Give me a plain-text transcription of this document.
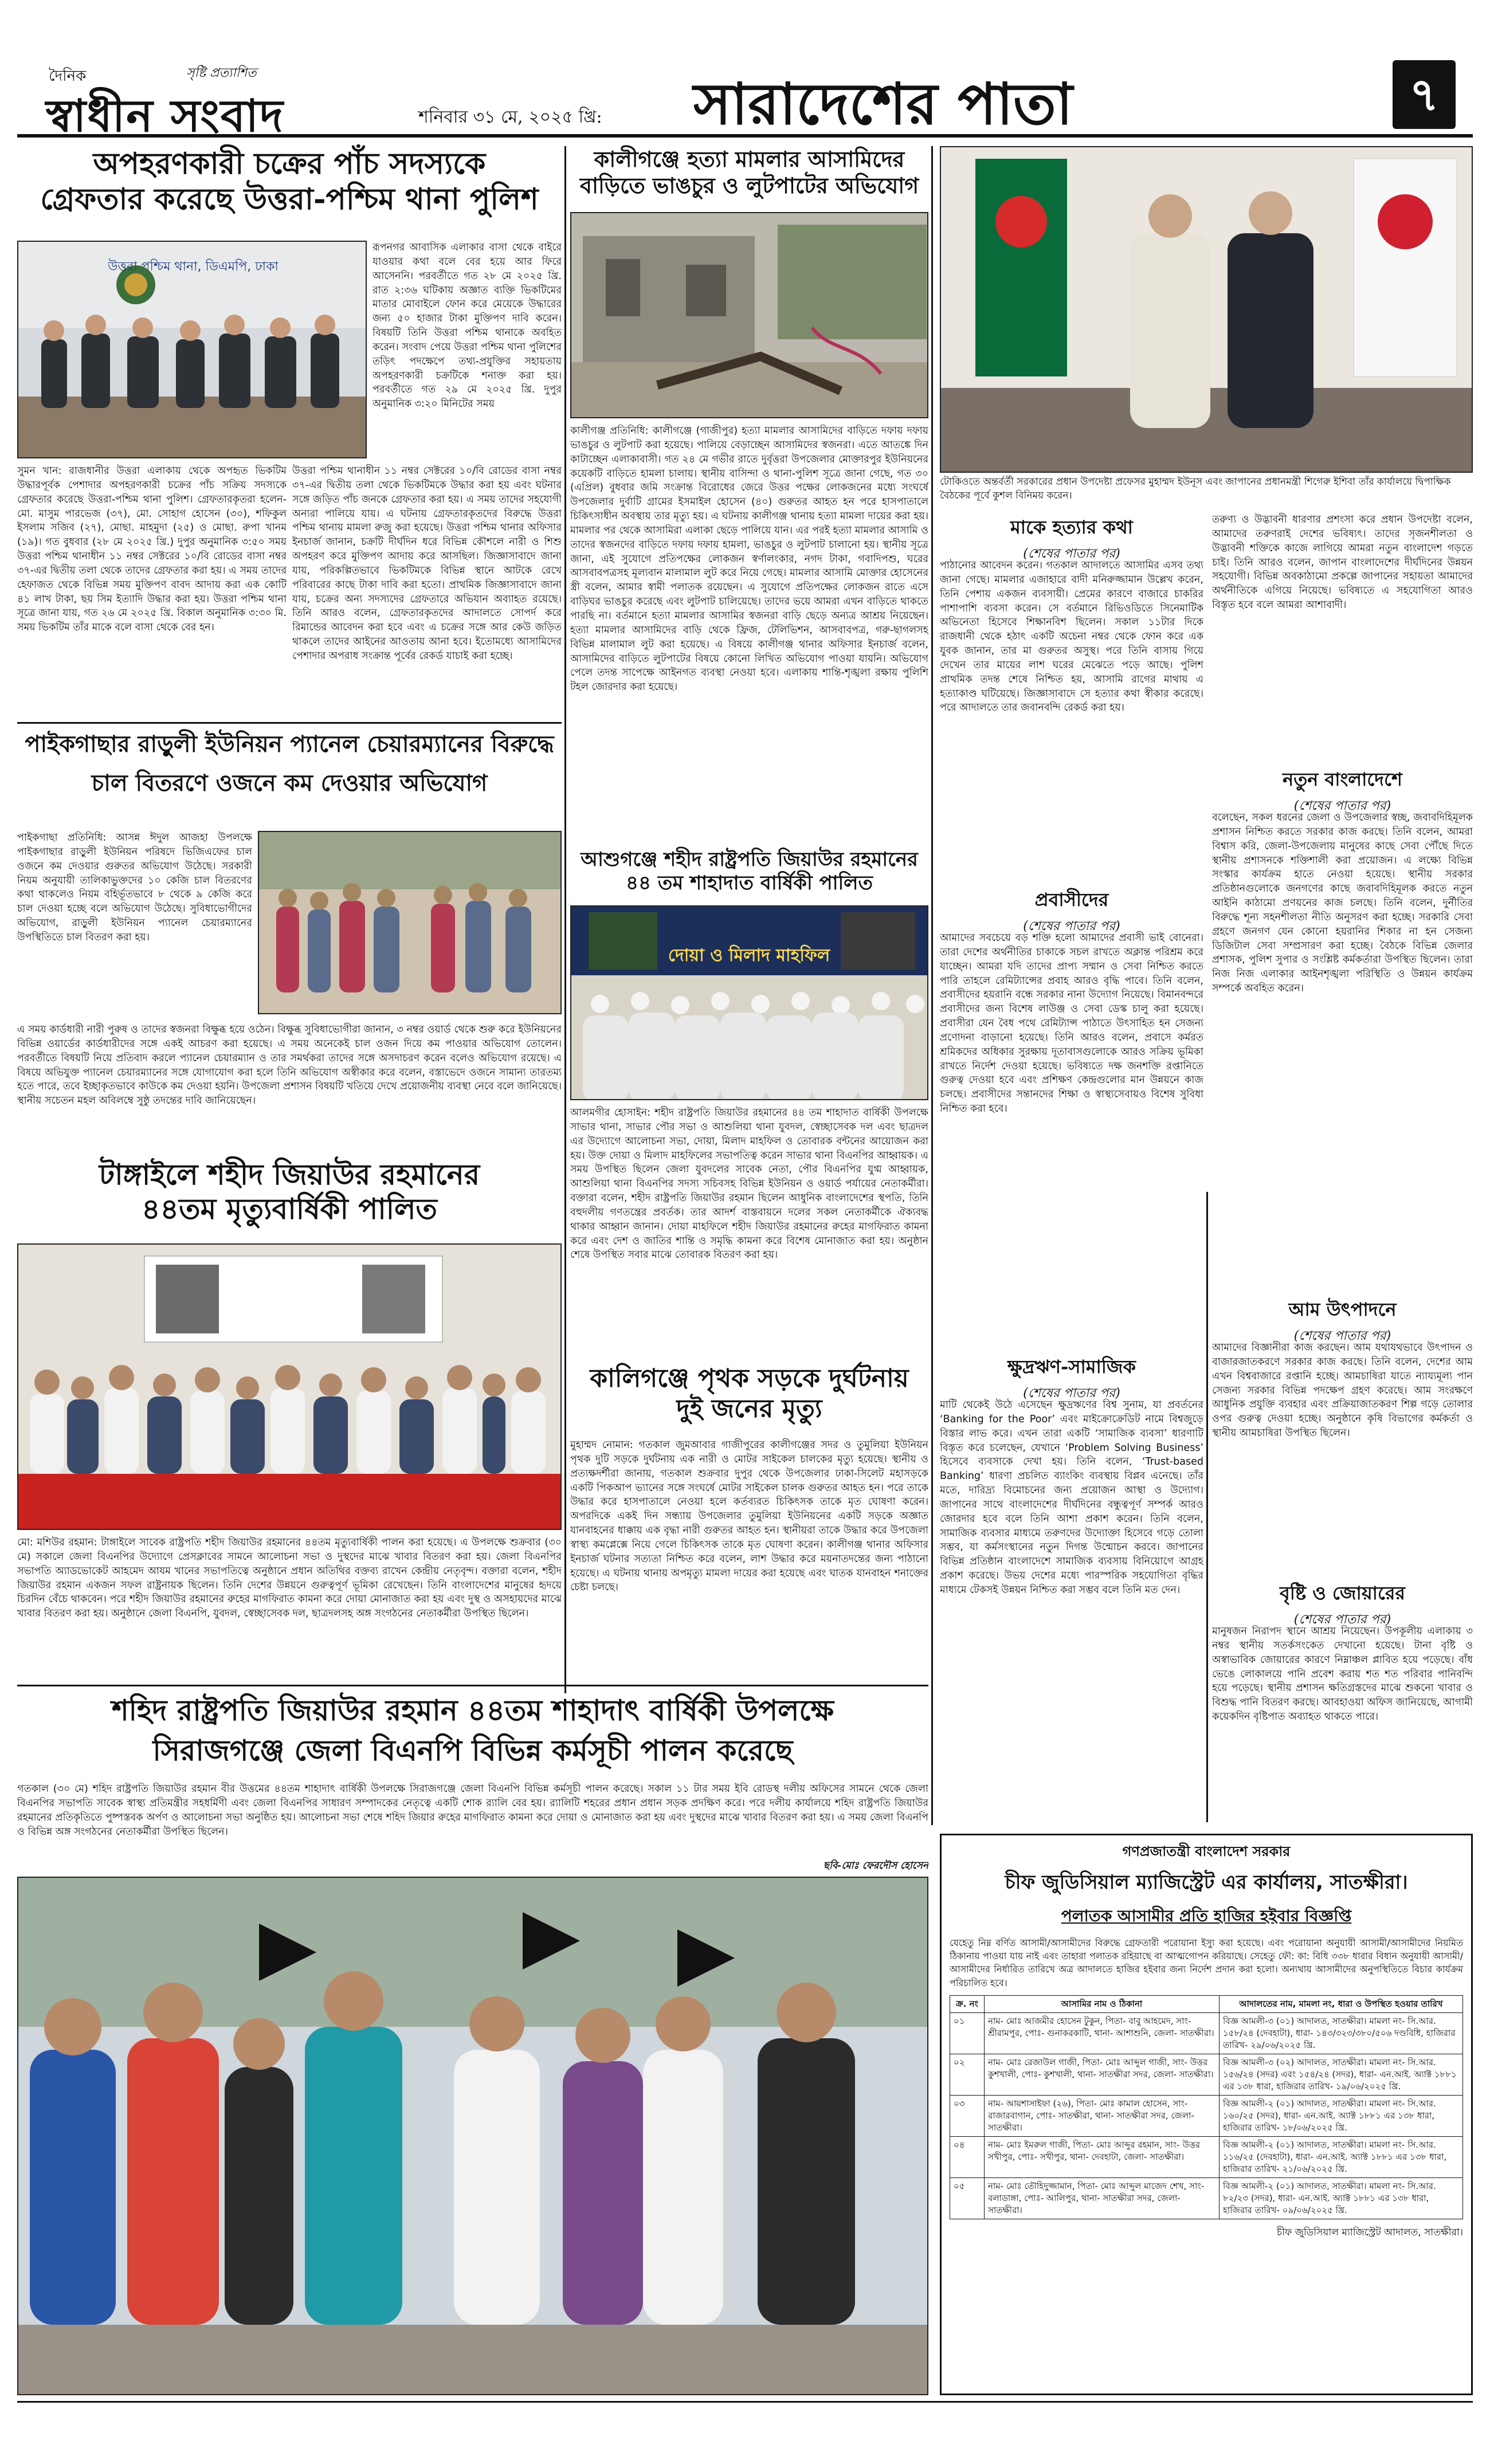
দৈনিক	সৃষ্টি প্রত্যাশিত
স্বাধীন সংবাদ	শনিবার ৩১ মে, ২০২৫ খ্রি: সারাদেশের পাতা	৭
অপহরণকারী চক্রের পাঁচ সদস্যকে
গ্রেফতার করেছে উত্তরা-পশ্চিম থানা পুলিশ
উত্তরা পশ্চিম থানা, ডিএমপি, ঢাকা
রূপনগর আবাসিক এলাকার বাসা থেকে বাইরে যাওয়ার কথা বলে বের হয়ে আর ফিরে আসেননি। পরবর্তীতে গত ২৮ মে ২০২৫ খ্রি. রাত ২:৩৬ ঘটিকায় অজ্ঞাত ব্যক্তি ভিকটিমের মাতার মোবাইলে ফোন করে মেয়েকে উদ্ধারের জন্য ৫০ হাজার টাকা মুক্তিপণ দাবি করেন। বিষয়টি তিনি উত্তরা পশ্চিম থানাকে অবহিত করেন। সংবাদ পেয়ে উত্তরা পশ্চিম থানা পুলিশের তড়িৎ পদক্ষেপে তথ্য-প্রযুক্তির সহায়তায় অপহরণকারী চক্রটিকে শনাক্ত করা হয়। পরবর্তীতে গত ২৯ মে ২০২৫ খ্রি. দুপুর অনুমানিক ৩:২০ মিনিটের সময়
সুমন খান: রাজধানীর উত্তরা এলাকায় থেকে অপহৃত ভিকটিম উদ্ধারপূর্বক পেশাদার অপহরণকারী চক্রের পাঁচ সক্রিয় সদস্যকে গ্রেফতার করেছে উত্তরা-পশ্চিম থানা পুলিশ। গ্রেফতারকৃতরা হলেন- মো. মাসুম পারভেজ (৩৭), মো. সোহাগ হোসেন (৩০), শফিকুল ইসলাম সজিব (২৭), মোছা. মাহমুদা (২৫) ও মোছা. রুপা খানম (১৯)। গত বুধবার (২৮ মে ২০২৫ খ্রি.) দুপুর অনুমানিক ৩:৫০ সময় উত্তরা পশ্চিম থানাধীন ১১ নম্বর সেক্টরের ১০/বি রোডের বাসা নম্বর ৩৭-এর দ্বিতীয় তলা থেকে তাদের গ্রেফতার করা হয়। এ সময় তাদের হেফাজত থেকে বিভিন্ন সময় মুক্তিপণ বাবদ আদায় করা এক কোটি ৪১ লাখ টাকা, ছয় সিম ইত্যাদি উদ্ধার করা হয়। উত্তরা পশ্চিম থানা সূত্রে জানা যায়, গত ২৬ মে ২০২৫ খ্রি. বিকাল অনুমানিক ৩:৩০ মি. সময় ভিকটিম তাঁর মাকে বলে বাসা থেকে বের হন।
উত্তরা পশ্চিম থানাধীন ১১ নম্বর সেক্টরের ১০/বি রোডের বাসা নম্বর ৩৭-এর দ্বিতীয় তলা থেকে ভিকটিমকে উদ্ধার করা হয় এবং ঘটনার সঙ্গে জড়িত পাঁচ জনকে গ্রেফতার করা হয়। এ সময় তাদের সহযোগী অন্যরা পালিয়ে যায়। এ ঘটনায় গ্রেফতারকৃতদের বিরুদ্ধে উত্তরা পশ্চিম থানায় মামলা রুজু করা হয়েছে। উত্তরা পশ্চিম থানার অফিসার ইনচার্জ জানান, চক্রটি দীর্ঘদিন ধরে বিভিন্ন কৌশলে নারী ও শিশু অপহরণ করে মুক্তিপণ আদায় করে আসছিল। জিজ্ঞাসাবাদে জানা যায়, পরিকল্পিতভাবে ভিকটিমকে বিভিন্ন স্থানে আটকে রেখে পরিবারের কাছে টাকা দাবি করা হতো। প্রাথমিক জিজ্ঞাসাবাদে জানা যায়, চক্রের অন্য সদস্যদের গ্রেফতারে অভিযান অব্যাহত রয়েছে। তিনি আরও বলেন, গ্রেফতারকৃতদের আদালতে সোপর্দ করে রিমান্ডের আবেদন করা হবে এবং এ চক্রের সঙ্গে আর কেউ জড়িত থাকলে তাদের আইনের আওতায় আনা হবে। ইতোমধ্যে আসামিদের পেশাদার অপরাধ সংক্রান্ত পূর্বের রেকর্ড যাচাই করা হচ্ছে।
পাইকগাছার রাড়ুলী ইউনিয়ন প্যানেল চেয়ারম্যানের বিরুদ্ধে
চাল বিতরণে ওজনে কম দেওয়ার অভিযোগ
পাইকগাছা প্রতিনিধি: আসন্ন ঈদুল আজহা উপলক্ষে পাইকগাছার রাড়ুলী ইউনিয়ন পরিষদে ভিজিএফের চাল ওজনে কম দেওয়ার গুরুতর অভিযোগ উঠেছে। সরকারী নিয়ম অনুযায়ী তালিকাভুক্তদের ১০ কেজি চাল বিতরণের কথা থাকলেও নিয়ম বহির্ভূতভাবে ৮ থেকে ৯ কেজি করে চাল দেওয়া হচ্ছে বলে অভিযোগ উঠেছে। সুবিধাভোগীদের অভিযোগ, রাড়ুলী ইউনিয়ন প্যানেল চেয়ারম্যানের উপস্থিতিতে চাল বিতরণ করা হয়।
এ সময় কার্ডধারী নারী পুরুষ ও তাদের স্বজনরা বিক্ষুব্ধ হয়ে ওঠেন। বিক্ষুব্ধ সুবিধাভোগীরা জানান, ৩ নম্বর ওয়ার্ড থেকে শুরু করে ইউনিয়নের বিভিন্ন ওয়ার্ডের কার্ডধারীদের সঙ্গে একই আচরণ করা হয়েছে। এ সময় অনেকেই চাল ওজন দিয়ে কম পাওয়ার অভিযোগ তোলেন। পরবর্তীতে বিষয়টি নিয়ে প্রতিবাদ করলে প্যানেল চেয়ারম্যান ও তার সমর্থকরা তাদের সঙ্গে অসদাচরণ করেন বলেও অভিযোগ রয়েছে। এ বিষয়ে অভিযুক্ত প্যানেল চেয়ারম্যানের সঙ্গে যোগাযোগ করা হলে তিনি অভিযোগ অস্বীকার করে বলেন, বস্তাভেদে ওজনে সামান্য তারতম্য হতে পারে, তবে ইচ্ছাকৃতভাবে কাউকে কম দেওয়া হয়নি। উপজেলা প্রশাসন বিষয়টি খতিয়ে দেখে প্রয়োজনীয় ব্যবস্থা নেবে বলে জানিয়েছে। স্থানীয় সচেতন মহল অবিলম্বে সুষ্ঠু তদন্তের দাবি জানিয়েছেন।
টাঙ্গাইলে শহীদ জিয়াউর রহমানের
৪৪তম মৃত্যুবার্ষিকী পালিত
মো: মশিউর রহমান: টাঙ্গাইলে সাবেক রাষ্ট্রপতি শহীদ জিয়াউর রহমানের ৪৪তম মৃত্যুবার্ষিকী পালন করা হয়েছে। এ উপলক্ষে শুক্রবার (৩০ মে) সকালে জেলা বিএনপির উদ্যোগে প্রেসক্লাবের সামনে আলোচনা সভা ও দুস্থদের মাঝে খাবার বিতরণ করা হয়। জেলা বিএনপির সভাপতি অ্যাডভোকেট আহমেদ আযম খানের সভাপতিত্বে অনুষ্ঠানে প্রধান অতিথির বক্তব্য রাখেন কেন্দ্রীয় নেতৃবৃন্দ। বক্তারা বলেন, শহীদ জিয়াউর রহমান একজন সফল রাষ্ট্রনায়ক ছিলেন। তিনি দেশের উন্নয়নে গুরুত্বপূর্ণ ভূমিকা রেখেছেন। তিনি বাংলাদেশের মানুষের হৃদয়ে চিরদিন বেঁচে থাকবেন। পরে শহীদ জিয়াউর রহমানের রুহের মাগফিরাত কামনা করে দোয়া মোনাজাত করা হয় এবং দুস্থ ও অসহায়দের মাঝে খাবার বিতরণ করা হয়। অনুষ্ঠানে জেলা বিএনপি, যুবদল, স্বেচ্ছাসেবক দল, ছাত্রদলসহ অঙ্গ সংগঠনের নেতাকর্মীরা উপস্থিত ছিলেন।
কালীগঞ্জে হত্যা মামলার আসামিদের
বাড়িতে ভাঙচুর ও লুটপাটের অভিযোগ
কালীগঞ্জ প্রতিনিধি: কালীগঞ্জে (গাজীপুর) হত্যা মামলার আসামিদের বাড়িতে দফায় দফায় ভাঙচুর ও লুটপাট করা হয়েছে। পালিয়ে বেড়াচ্ছেন আসামিদের স্বজনরা। এতে আতঙ্কে দিন কাটাচ্ছেন এলাকাবাসী। গত ২৪ মে গভীর রাতে দুর্বৃত্তরা উপজেলার মোক্তারপুর ইউনিয়নের কয়েকটি বাড়িতে হামলা চালায়। স্থানীয় বাসিন্দা ও থানা-পুলিশ সূত্রে জানা গেছে, গত ৩০ (এপ্রিল) বুধবার জমি সংক্রান্ত বিরোধের জেরে উত্তর পক্ষের লোকজনের মধ্যে সংঘর্ষে উপজেলার দুর্বাটি গ্রামের ইসমাইল হোসেন (৪০) গুরুতর আহত হন পরে হাসপাতালে চিকিৎসাধীন অবস্থায় তার মৃত্যু হয়। এ ঘটনায় কালীগঞ্জ থানায় হত্যা মামলা দায়ের করা হয়। মামলার পর থেকে আসামিরা এলাকা ছেড়ে পালিয়ে যান। এর পরই হত্যা মামলার আসামি ও তাদের স্বজনদের বাড়িতে দফায় দফায় হামলা, ভাঙচুর ও লুটপাট চালানো হয়। স্থানীয় সূত্রে জানা, এই সুযোগে প্রতিপক্ষের লোকজন স্বর্ণালংকার, নগদ টাকা, গবাদিপশু, ঘরের আসবাবপত্রসহ মূল্যবান মালামাল লুট করে নিয়ে গেছে। মামলার আসামি মোক্তার হোসেনের স্ত্রী বলেন, আমার স্বামী পলাতক রয়েছেন। এ সুযোগে প্রতিপক্ষের লোকজন রাতে এসে বাড়িঘর ভাঙচুর করেছে এবং লুটপাট চালিয়েছে। তাদের ভয়ে আমরা এখন বাড়িতে থাকতে পারছি না। বর্তমানে হত্যা মামলার আসামির স্বজনরা বাড়ি ছেড়ে অন্যত্র আশ্রয় নিয়েছেন। হত্যা মামলার আসামিদের বাড়ি থেকে ফ্রিজ, টেলিভিশন, আসবাবপত্র, গরু-ছাগলসহ বিভিন্ন মালামাল লুট করা হয়েছে। এ বিষয়ে কালীগঞ্জ থানার অফিসার ইনচার্জ বলেন, আসামিদের বাড়িতে লুটপাটের বিষয়ে কোনো লিখিত অভিযোগ পাওয়া যায়নি। অভিযোগ পেলে তদন্ত সাপেক্ষে আইনগত ব্যবস্থা নেওয়া হবে। এলাকায় শান্তি-শৃঙ্খলা রক্ষায় পুলিশি টহল জোরদার করা হয়েছে।
আশুগঞ্জে শহীদ রাষ্ট্রপতি জিয়াউর রহমানের
৪৪ তম শাহাদাত বার্ষিকী পালিত
দোয়া ও মিলাদ মাহফিল
আলমগীর হোসাইন: শহীদ রাষ্ট্রপতি জিয়াউর রহমানের ৪৪ তম শাহাদাত বার্ষিকী উপলক্ষে সাভার থানা, সাভার পৌর সভা ও আশুলিয়া থানা যুবদল, স্বেচ্ছাসেবক দল এবং ছাত্রদল এর উদ্যোগে আলোচনা সভা, দোয়া, মিলাদ মাহফিল ও তোবারক বন্টনের আয়োজন করা হয়। উক্ত দোয়া ও মিলাদ মাহফিলের সভাপতিত্ব করেন সাভার থানা বিএনপির আহ্বায়ক। এ সময় উপস্থিত ছিলেন জেলা যুবদলের সাবেক নেতা, পৌর বিএনপির যুগ্ম আহ্বায়ক, আশুলিয়া থানা বিএনপির সদস্য সচিবসহ বিভিন্ন ইউনিয়ন ও ওয়ার্ড পর্যায়ের নেতাকর্মীরা। বক্তারা বলেন, শহীদ রাষ্ট্রপতি জিয়াউর রহমান ছিলেন আধুনিক বাংলাদেশের স্থপতি, তিনি বহুদলীয় গণতন্ত্রের প্রবর্তক। তার আদর্শ বাস্তবায়নে দলের সকল নেতাকর্মীকে ঐক্যবদ্ধ থাকার আহ্বান জানান। দোয়া মাহফিলে শহীদ জিয়াউর রহমানের রুহের মাগফিরাত কামনা করে এবং দেশ ও জাতির শান্তি ও সমৃদ্ধি কামনা করে বিশেষ মোনাজাত করা হয়। অনুষ্ঠান শেষে উপস্থিত সবার মাঝে তোবারক বিতরণ করা হয়।
কালিগঞ্জে পৃথক সড়কে দুর্ঘটনায়
দুই জনের মৃত্যু
মুহাম্মদ নোমান: গতকাল জুমআবার গাজীপুরের কালীগঞ্জের সদর ও তুমুলিয়া ইউনিয়ন পৃথক দুটি সড়কে দুর্ঘটনায় এক নারী ও মোটর সাইকেল চালকের মৃত্যু হয়েছে। স্থানীয় ও প্রত্যক্ষদর্শীরা জানায়, গতকাল শুক্রবার দুপুর থেকে উপজেলার ঢাকা-সিলেট মহাসড়কে একটি পিকআপ ভ্যানের সঙ্গে সংঘর্ষে মোটর সাইকেল চালক গুরুতর আহত হন। পরে তাকে উদ্ধার করে হাসপাতালে নেওয়া হলে কর্তব্যরত চিকিৎসক তাকে মৃত ঘোষণা করেন। অপরদিকে একই দিন সন্ধ্যায় উপজেলার তুমুলিয়া ইউনিয়নের একটি সড়কে অজ্ঞাত যানবাহনের ধাক্কায় এক বৃদ্ধা নারী গুরুতর আহত হন। স্থানীয়রা তাকে উদ্ধার করে উপজেলা স্বাস্থ্য কমপ্লেক্সে নিয়ে গেলে চিকিৎসক তাকে মৃত ঘোষণা করেন। কালীগঞ্জ থানার অফিসার ইনচার্জ ঘটনার সত্যতা নিশ্চিত করে বলেন, লাশ উদ্ধার করে ময়নাতদন্তের জন্য পাঠানো হয়েছে। এ ঘটনায় থানায় অপমৃত্যু মামলা দায়ের করা হয়েছে এবং ঘাতক যানবাহন শনাক্তের চেষ্টা চলছে।
টোকিওতে অন্তর্বর্তী সরকারের প্রধান উপদেষ্টা প্রফেসর মুহাম্মদ ইউনূস এবং জাপানের প্রধানমন্ত্রী শিগেরু ইশিবা তাঁর কার্যালয়ে দ্বিপাক্ষিক বৈঠকের পূর্বে কুশল বিনিময় করেন।
মাকে হত্যার কথা
(শেষের পাতার পর)
পাঠানোর আবেদন করেন। গতকাল আদালতে আসামির এসব তথ্য জানা গেছে। মামলার এজাহারে বাদী মনিরুজ্জামান উল্লেখ করেন, তিনি পেশায় একজন ব্যবসায়ী। প্রেমের কারণে বাজারে চাকরির পাশাপাশি ব্যবসা করেন। সে বর্তমানে রিভিওডিতে সিনেমাটিক অভিনেতা হিসেবে শিক্ষানবিশ ছিলেন। সকাল ১১টার দিকে রাজধানী থেকে হঠাৎ একটি অচেনা নম্বর থেকে ফোন করে এক যুবক জানান, তার মা গুরুতর অসুস্থ। পরে তিনি বাসায় গিয়ে দেখেন তার মায়ের লাশ ঘরের মেঝেতে পড়ে আছে। পুলিশ প্রাথমিক তদন্ত শেষে নিশ্চিত হয়, আসামি রাগের মাথায় এ হত্যাকাণ্ড ঘটিয়েছে। জিজ্ঞাসাবাদে সে হত্যার কথা স্বীকার করেছে। পরে আদালতে তার জবানবন্দি রেকর্ড করা হয়।
প্রবাসীদের
(শেষের পাতার পর)
আমাদের সবচেয়ে বড় শক্তি হলো আমাদের প্রবাসী ভাই বোনেরা। তারা দেশের অর্থনীতির চাকাকে সচল রাখতে অক্লান্ত পরিশ্রম করে যাচ্ছেন। আমরা যদি তাদের প্রাপ্য সম্মান ও সেবা নিশ্চিত করতে পারি তাহলে রেমিট্যান্সের প্রবাহ আরও বৃদ্ধি পাবে। তিনি বলেন, প্রবাসীদের হয়রানি বন্ধে সরকার নানা উদ্যোগ নিয়েছে। বিমানবন্দরে প্রবাসীদের জন্য বিশেষ লাউঞ্জ ও সেবা ডেস্ক চালু করা হয়েছে। প্রবাসীরা যেন বৈধ পথে রেমিট্যান্স পাঠাতে উৎসাহিত হন সেজন্য প্রণোদনা বাড়ানো হয়েছে। তিনি আরও বলেন, প্রবাসে কর্মরত শ্রমিকদের অধিকার সুরক্ষায় দূতাবাসগুলোকে আরও সক্রিয় ভূমিকা রাখতে নির্দেশ দেওয়া হয়েছে। ভবিষ্যতে দক্ষ জনশক্তি রপ্তানিতে গুরুত্ব দেওয়া হবে এবং প্রশিক্ষণ কেন্দ্রগুলোর মান উন্নয়নে কাজ চলছে। প্রবাসীদের সন্তানদের শিক্ষা ও স্বাস্থ্যসেবায়ও বিশেষ সুবিধা নিশ্চিত করা হবে।
ক্ষুদ্রঋণ-সামাজিক
(শেষের পাতার পর)
মাটি থেকেই উঠে এসেছেন ক্ষুদ্রঋণের বিশ্ব সুনাম, যা প্রবর্তনের ‘Banking for the Poor’ এবং মাইক্রোক্রেডিট নামে বিশ্বজুড়ে বিস্তার লাভ করে। এখন তারা একটি ‘সামাজিক ব্যবসা’ ধারণাটি বিস্তৃত করে চলেছেন, যেখানে ‘Problem Solving Business’ হিসেবে ব্যবসাকে দেখা হয়। তিনি বলেন, ‘Trust-based Banking’ ধারণা প্রচলিত ব্যাংকিং ব্যবস্থায় বিপ্লব এনেছে। তাঁর মতে, দারিদ্র্য বিমোচনের জন্য প্রয়োজন আস্থা ও উদ্যোগ। জাপানের সাথে বাংলাদেশের দীর্ঘদিনের বন্ধুত্বপূর্ণ সম্পর্ক আরও জোরদার হবে বলে তিনি আশা প্রকাশ করেন। তিনি বলেন, সামাজিক ব্যবসার মাধ্যমে তরুণদের উদ্যোক্তা হিসেবে গড়ে তোলা সম্ভব, যা কর্মসংস্থানের নতুন দিগন্ত উন্মোচন করবে। জাপানের বিভিন্ন প্রতিষ্ঠান বাংলাদেশে সামাজিক ব্যবসায় বিনিয়োগে আগ্রহ প্রকাশ করেছে। উভয় দেশের মধ্যে পারস্পরিক সহযোগিতা বৃদ্ধির মাধ্যমে টেকসই উন্নয়ন নিশ্চিত করা সম্ভব বলে তিনি মত দেন।
তরুণ্য ও উদ্ভাবনী ধারণার প্রশংসা করে প্রধান উপদেষ্টা বলেন, আমাদের তরুণরাই দেশের ভবিষ্যৎ। তাদের সৃজনশীলতা ও উদ্ভাবনী শক্তিকে কাজে লাগিয়ে আমরা নতুন বাংলাদেশ গড়তে চাই। তিনি আরও বলেন, জাপান বাংলাদেশের দীর্ঘদিনের উন্নয়ন সহযোগী। বিভিন্ন অবকাঠামো প্রকল্পে জাপানের সহায়তা আমাদের অর্থনীতিকে এগিয়ে নিয়েছে। ভবিষ্যতে এ সহযোগিতা আরও বিস্তৃত হবে বলে আমরা আশাবাদী।
নতুন বাংলাদেশে
(শেষের পাতার পর)
বলেছেন, সকল ধরনের জেলা ও উপজেলার স্বচ্ছ, জবাবদিহিমূলক প্রশাসন নিশ্চিত করতে সরকার কাজ করছে। তিনি বলেন, আমরা বিশ্বাস করি, জেলা-উপজেলায় মানুষের কাছে সেবা পৌঁছে দিতে স্থানীয় প্রশাসনকে শক্তিশালী করা প্রয়োজন। এ লক্ষ্যে বিভিন্ন সংস্কার কার্যক্রম হাতে নেওয়া হয়েছে। স্থানীয় সরকার প্রতিষ্ঠানগুলোকে জনগণের কাছে জবাবদিহিমূলক করতে নতুন আইনি কাঠামো প্রণয়নের কাজ চলছে। তিনি বলেন, দুর্নীতির বিরুদ্ধে শূন্য সহনশীলতা নীতি অনুসরণ করা হচ্ছে। সরকারি সেবা গ্রহণে জনগণ যেন কোনো হয়রানির শিকার না হন সেজন্য ডিজিটাল সেবা সম্প্রসারণ করা হচ্ছে। বৈঠকে বিভিন্ন জেলার প্রশাসক, পুলিশ সুপার ও সংশ্লিষ্ট কর্মকর্তারা উপস্থিত ছিলেন। তারা নিজ নিজ এলাকার আইনশৃঙ্খলা পরিস্থিতি ও উন্নয়ন কার্যক্রম সম্পর্কে অবহিত করেন।
আম উৎপাদনে
(শেষের পাতার পর)
আমাদের বিজ্ঞানীরা কাজ করছেন। আম যথাযথভাবে উৎপাদন ও বাজারজাতকরণে সরকার কাজ করছে। তিনি বলেন, দেশের আম এখন বিশ্ববাজারে রপ্তানি হচ্ছে। আমচাষিরা যাতে ন্যায্যমূল্য পান সেজন্য সরকার বিভিন্ন পদক্ষেপ গ্রহণ করেছে। আম সংরক্ষণে আধুনিক প্রযুক্তি ব্যবহার এবং প্রক্রিয়াজাতকরণ শিল্প গড়ে তোলার ওপর গুরুত্ব দেওয়া হচ্ছে। অনুষ্ঠানে কৃষি বিভাগের কর্মকর্তা ও স্থানীয় আমচাষিরা উপস্থিত ছিলেন।
বৃষ্টি ও জোয়ারের
(শেষের পাতার পর)
মানুষজন নিরাপদ স্থানে আশ্রয় নিয়েছেন। উপকূলীয় এলাকায় ৩ নম্বর স্থানীয় সতর্কসংকেত দেখানো হয়েছে। টানা বৃষ্টি ও অস্বাভাবিক জোয়ারের কারণে নিম্নাঞ্চল প্লাবিত হয়ে পড়েছে। বাঁধ ভেঙে লোকালয়ে পানি প্রবেশ করায় শত শত পরিবার পানিবন্দি হয়ে পড়েছে। স্থানীয় প্রশাসন ক্ষতিগ্রস্তদের মাঝে শুকনো খাবার ও বিশুদ্ধ পানি বিতরণ করছে। আবহাওয়া অফিস জানিয়েছে, আগামী কয়েকদিন বৃষ্টিপাত অব্যাহত থাকতে পারে।
শহিদ রাষ্ট্রপতি জিয়াউর রহমান ৪৪তম শাহাদাৎ বার্ষিকী উপলক্ষে
সিরাজগঞ্জে জেলা বিএনপি বিভিন্ন কর্মসূচী পালন করেছে
গতকাল (৩০ মে) শহিদ রাষ্ট্রপতি জিয়াউর রহমান বীর উত্তমের ৪৪তম শাহাদাৎ বার্ষিকী উপলক্ষে সিরাজগঞ্জে জেলা বিএনপি বিভিন্ন কর্মসূচী পালন করেছে। সকাল ১১ টার সময় ইবি রোডস্থ দলীয় অফিসের সামনে থেকে জেলা বিএনপির সভাপতি সাবেক স্বাস্থ্য প্রতিমন্ত্রীর সহধর্মিণী এবং জেলা বিএনপির সাধারণ সম্পাদকের নেতৃত্বে একটি শোক র‍্যালি বের হয়। র‍্যালিটি শহরের প্রধান প্রধান সড়ক প্রদক্ষিণ করে। পরে দলীয় কার্যালয়ে শহিদ রাষ্ট্রপতি জিয়াউর রহমানের প্রতিকৃতিতে পুষ্পস্তবক অর্পণ ও আলোচনা সভা অনুষ্ঠিত হয়। আলোচনা সভা শেষে শহিদ জিয়ার রুহের মাগফিরাত কামনা করে দোয়া ও মোনাজাত করা হয় এবং দুস্থদের মাঝে খাবার বিতরণ করা হয়। এ সময় জেলা বিএনপি ও বিভিন্ন অঙ্গ সংগঠনের নেতাকর্মীরা উপস্থিত ছিলেন।
ছবি-মোঃ ফেরদৌস হোসেন
গণপ্রজাতন্ত্রী বাংলাদেশ সরকার
চীফ জুডিসিয়াল ম্যাজিস্ট্রেট এর কার্যালয়, সাতক্ষীরা।
পলাতক আসামীর প্রতি হাজির হইবার বিজ্ঞপ্তি
যেহেতু নিম্ন বর্ণিত আসামী/আসামীদের বিরুদ্ধে গ্রেফতারী পরোয়ানা ইস্যু করা হয়েছে। এবং পরোয়ানা অনুযায়ী আসামী/আসামীদের নিয়মিত ঠিকানায় পাওয়া যায় নাই এবং তাহারা পলাতক রহিয়াছে বা আত্মগোপন করিয়াছে। সেহেতু ফৌ: কা: বিধি ৩৩৮ ধারার বিধান অনুযায়ী আসামী/আসামীদের নির্ধারিত তারিখে অত্র আদালতে হাজির হইবার জন্য নির্দেশ প্রদান করা হলো। অন্যথায় আসামীদের অনুপস্থিতিতে বিচার কার্যক্রম পরিচালিত হবে।
ক্র. নং	আসামির নাম ও ঠিকানা	আদালতের নাম, মামলা নং, ধারা ও উপস্থিত হওয়ার তারিখ
০১	নাম- মোঃ আজমীর হোসেন টুকুন, পিতা- বাবু আহমেদ, সাং- শ্রীরামপুর, পোঃ- গুনাকরকাটি, থানা- আশাশুনি, জেলা- সাতক্ষীরা।	বিজ্ঞ আমলী-৩ (০১) আদালত, সাতক্ষীরা। মামলা নং- সি.আর. ১৫৮/২৪ (দেবহাটা), ধারা- ১৪৩/৩২৩/৩৮০/৫০৬ দণ্ডবিধি, হাজিরার তারিখ- ২৯/০৬/২০২৫ খ্রি.
০২	নাম- মোঃ রেজাউল গাজী, পিতা- মোঃ আব্দুল গাজী, সাং- উত্তর কুশখালী, পোঃ- কুশখালী, থানা- সাতক্ষীরা সদর, জেলা- সাতক্ষীরা।	বিজ্ঞ আমলী-৩ (০২) আদালত, সাতক্ষীরা। মামলা নং- সি.আর. ১৫৬/২৪ (সদর) এবং ১৫৪/২৪ (সদর), ধারা- এন.আই. অ্যাক্ট ১৮৮১ এর ১৩৮ ধারা, হাজিরার তারিখ- ১৯/০৬/২০২৫ খ্রি.
০৩	নাম- আয়শাসাইফা (২৬), পিতা- মোঃ কামাল হোসেন, সাং- রাজারবাগান, পোঃ- সাতক্ষীরা, থানা- সাতক্ষীরা সদর, জেলা- সাতক্ষীরা।	বিজ্ঞ আমলী-২ (০১) আদালত, সাতক্ষীরা। মামলা নং- সি.আর. ১৬০/২৫ (সদর), ধারা- এন.আই. অ্যাক্ট ১৮৮১ এর ১৩৮ ধারা, হাজিরার তারিখ- ১৮/০৬/২০২৫ খ্রি.
০৪	নাম- মোঃ ইমরুল গাজী, পিতা- মোঃ আব্দুর রহমান, সাং- উত্তর সখীপুর, পোঃ- সখীপুর, থানা- দেবহাটা, জেলা- সাতক্ষীরা।	বিজ্ঞ আমলী-২ (০১) আদালত, সাতক্ষীরা। মামলা নং- সি.আর. ১১৬/২৫ (দেবহাটা), ধারা- এন.আই. অ্যাক্ট ১৮৮১ এর ১৩৮ ধারা, হাজিরার তারিখ- ২১/০৬/২০২৫ খ্রি.
০৫	নাম- মোঃ তৌহিদুজ্জামান, পিতা- মোঃ আব্দুল মাজেদ শেখ, সাং- বলাডাঙ্গা, পোঃ- আলিপুর, থানা- সাতক্ষীরা সদর, জেলা- সাতক্ষীরা।	বিজ্ঞ আমলী-২ (০১) আদালত, সাতক্ষীরা। মামলা নং- সি.আর. ৮২/২৩ (সদর), ধারা- এন.আই. অ্যাক্ট ১৮৮১ এর ১৩৮ ধারা, হাজিরার তারিখ- ০৯/০৬/২০২৫ খ্রি.
চীফ জুডিসিয়াল ম্যাজিস্ট্রেট আদালত, সাতক্ষীরা।
